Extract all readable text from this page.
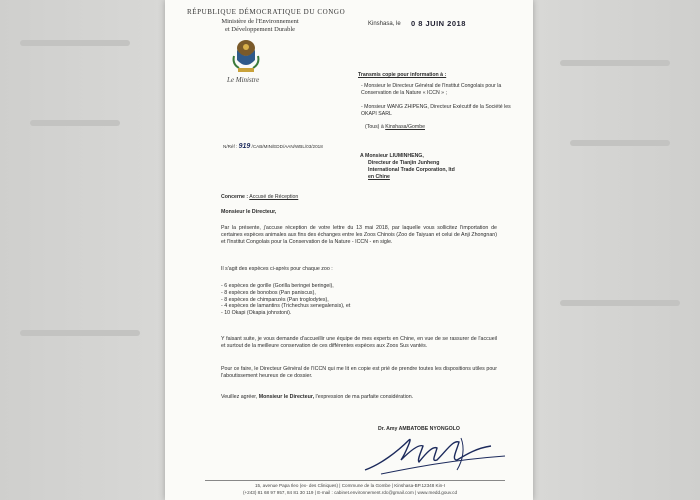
RÉPUBLIQUE DÉMOCRATIQUE DU CONGO
Ministère de l'Environnement
et Développement Durable
Le Ministre
Kinshasa, le 0 8 JUIN 2018
Transmis copie pour information à :
- Monsieur le Directeur Général de l'Institut Congolais pour la Conservation de la Nature « ICCN » ;
- Monsieur WANG ZHIPENG, Directeur Exécutif de la Société les OKAPI SARL
(Tous) à Kinshasa/Gombe
N/Réf : 919 /CAB/MIN/EDD/AAN/WBL/03/2018
A Monsieur LIUMINHENG,
Directeur de Tianjin Junheng
International Trade Corporation, ltd
en Chine
Concerne : Accusé de Réception
Monsieur le Directeur,
Par la présente, j'accuse réception de votre lettre du 13 mai 2018, par laquelle vous sollicitez l'importation de certaines espèces animales aux fins des échanges entre les Zoos Chinois (Zoo de Taiyuan et celui de Anji Zhongnan) et l'Institut Congolais pour la Conservation de la Nature - ICCN - en sigle.
Il s'agit des espèces ci-après pour chaque zoo :
- 6 espèces de gorille (Gorilla beringei beringei),
- 8 espèces de bonobos (Pan paniscus),
- 8 espèces de chimpanzés (Pan troglodytes),
- 4 espèces de lamantins (Trichechus senegalensis), et
- 10 Okapi (Okapia johnstoni).
Y faisant suite, je vous demande d'accueillir une équipe de mes experts en Chine, en vue de se rassurer de l'accueil et surtout de la meilleure conservation de ces différentes espèces aux Zoos Sus vantés.
Pour ce faire, le Directeur Général de l'ICCN qui me lit en copie est prié de prendre toutes les dispositions utiles pour l'aboutissement heureux de ce dossier.
Veuillez agréer, Monsieur le Directeur, l'expression de ma parfaite considération.
Dr. Amy AMBATOBE NYONGOLO
15, avenue Papa Ileo (ex- des Cliniques) | Commune de la Gombe | Kinshasa-BP.12348 Kin-I
(+243) 81 68 97 957, 84 81 30 119 | E-mail : cabinet.environnement.rdc@gmail.com | www.medd.gouv.cd
